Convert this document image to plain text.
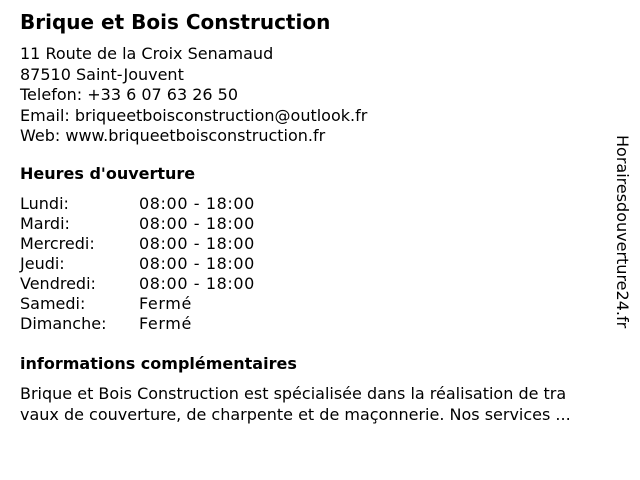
Brique et Bois Construction
11 Route de la Croix Senamaud
87510 Saint-Jouvent
Telefon: +33 6 07 63 26 50
Email: briqueetboisconstruction@outlook.fr
Web: www.briqueetboisconstruction.fr
Heures d'ouverture
Lundi:	08:00 - 18:00
Mardi:	08:00 - 18:00
Mercredi:	08:00 - 18:00
Jeudi:	08:00 - 18:00
Vendredi:	08:00 - 18:00
Samedi:	Fermé
Dimanche:	Fermé
informations complémentaires
Brique et Bois Construction est spécialisée dans la réalisation de tra
vaux de couverture, de charpente et de maçonnerie. Nos services ...
Horairesdouverture24.fr
